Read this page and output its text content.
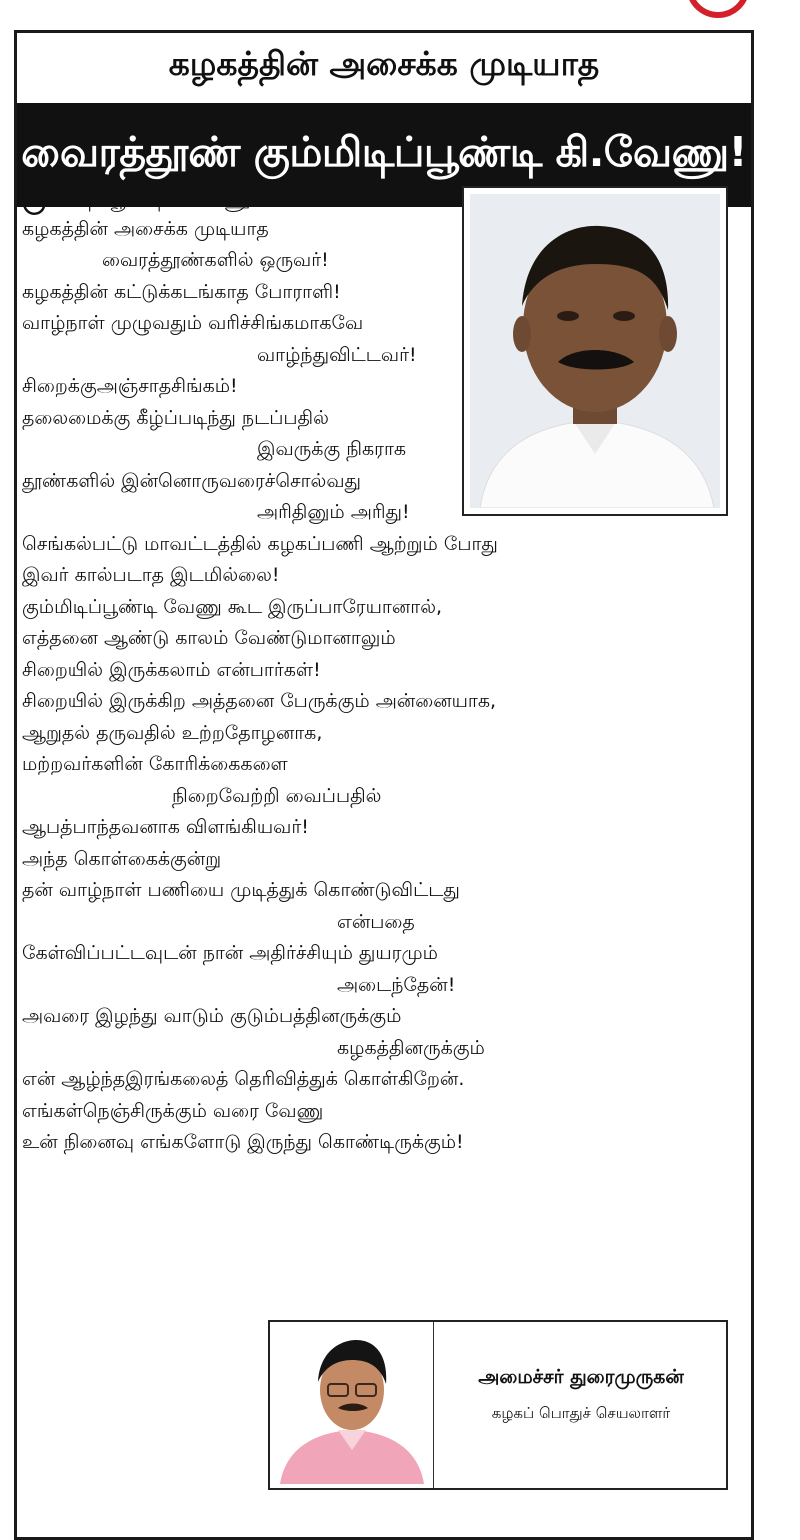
கழகத்தின் அசைக்க முடியாத
வைரத்தூண் கும்மிடிப்பூண்டி கி.வேணு!
கும்மிடிப்பூண்டி கி.வேணு!
கழகத்தின் அசைக்க முடியாத
வைரத்தூண்களில் ஒருவர்!
கழகத்தின் கட்டுக்கடங்காத போராளி!
வாழ்நாள் முழுவதும் வரிச்சிங்கமாகவே
வாழ்ந்துவிட்டவர்!
சிறைக்குஅஞ்சாதசிங்கம்!
தலைமைக்கு கீழ்ப்படிந்து நடப்பதில்
இவருக்கு நிகராக
தூண்களில் இன்னொருவரைச்சொல்வது
அரிதினும் அரிது!
செங்கல்பட்டு மாவட்டத்தில் கழகப்பணி ஆற்றும் போது
இவர் கால்படாத இடமில்லை!
கும்மிடிப்பூண்டி வேணு கூட இருப்பாரேயானால்,
எத்தனை ஆண்டு காலம் வேண்டுமானாலும்
சிறையில் இருக்கலாம் என்பார்கள்!
சிறையில் இருக்கிற அத்தனை பேருக்கும் அன்னையாக,
ஆறுதல் தருவதில் உற்றதோழனாக,
மற்றவர்களின் கோரிக்கைகளை
நிறைவேற்றி வைப்பதில்
ஆபத்பாந்தவனாக விளங்கியவர்!
அந்த கொள்கைக்குன்று
தன் வாழ்நாள் பணியை முடித்துக் கொண்டுவிட்டது
என்பதை
கேள்விப்பட்டவுடன் நான் அதிர்ச்சியும் துயரமும்
அடைந்தேன்!
அவரை இழந்து வாடும் குடும்பத்தினருக்கும்
கழகத்தினருக்கும்
என் ஆழ்ந்தஇரங்கலைத் தெரிவித்துக் கொள்கிறேன்.
எங்கள்நெஞ்சிருக்கும் வரை வேணு
உன் நினைவு எங்களோடு இருந்து கொண்டிருக்கும்!
அமைச்சர் துரைமுருகன்
கழகப் பொதுச் செயலாளர்
